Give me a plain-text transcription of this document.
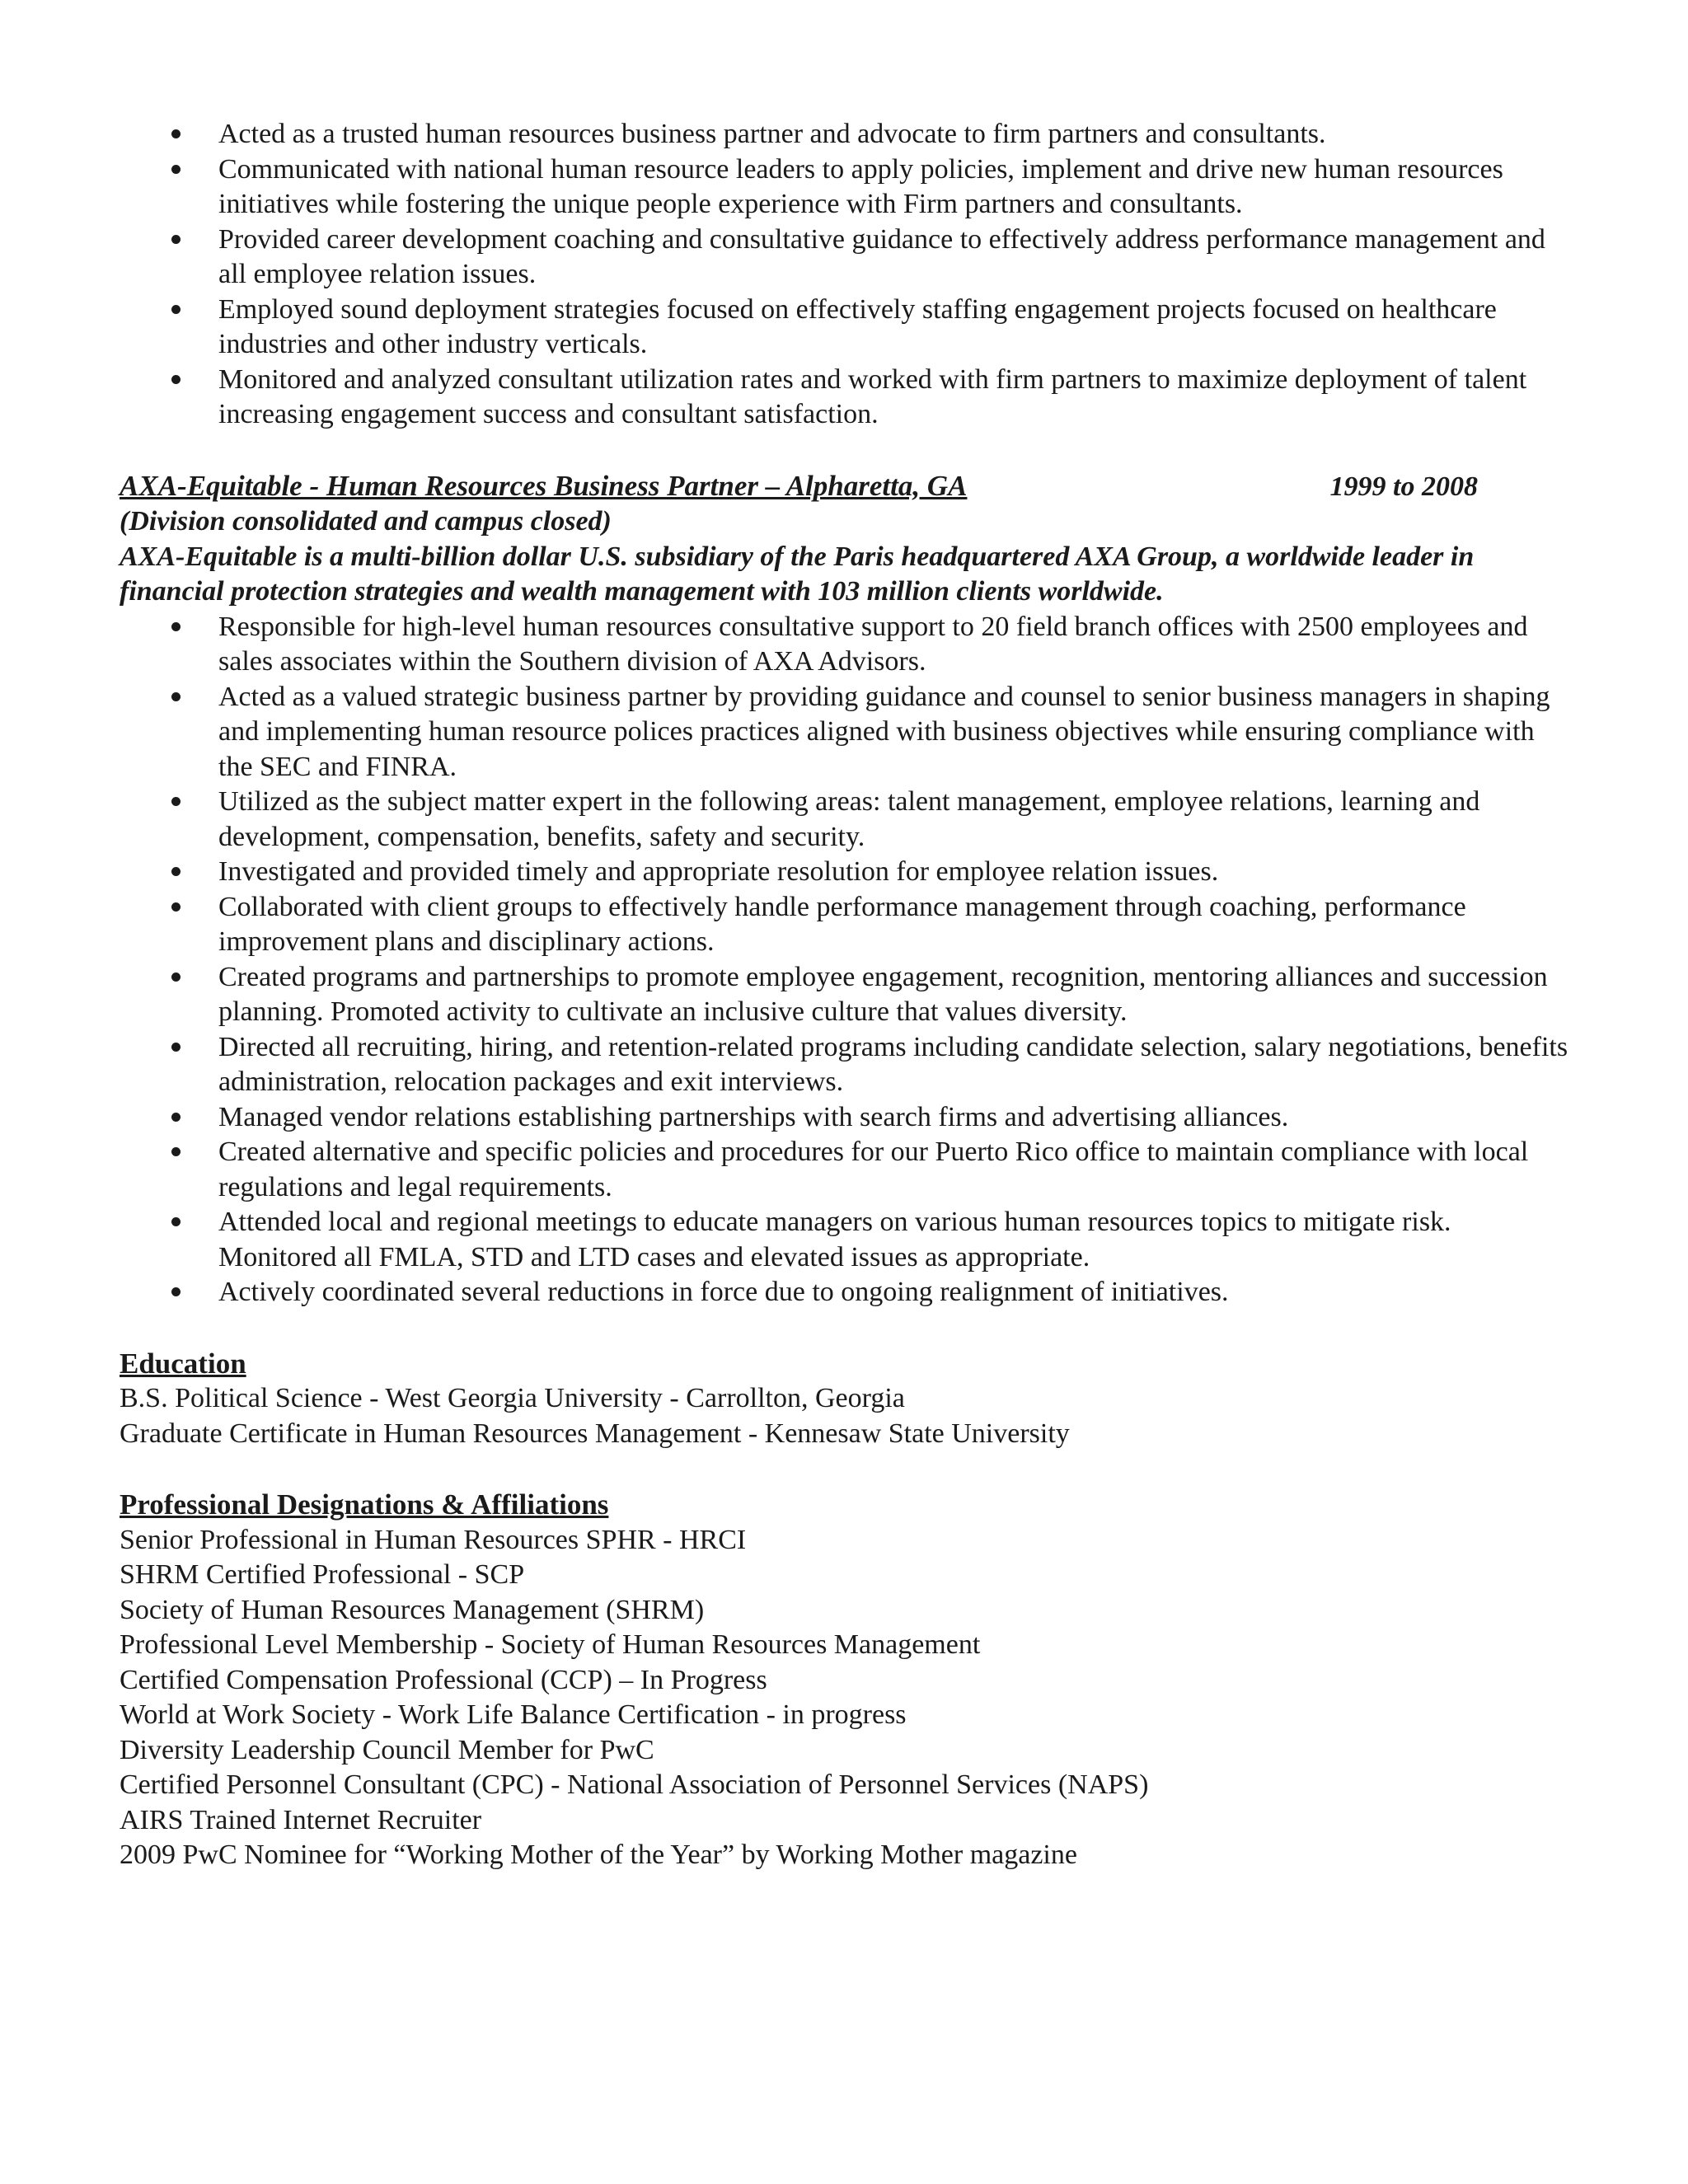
Acted as a trusted human resources business partner and advocate to firm partners and consultants.
Communicated with national human resource leaders to apply policies, implement and drive new human resources initiatives while fostering the unique people experience with Firm partners and consultants.
Provided career development coaching and consultative guidance to effectively address performance management and all employee relation issues.
Employed sound deployment strategies focused on effectively staffing engagement projects focused on healthcare industries and other industry verticals.
Monitored and analyzed consultant utilization rates and worked with firm partners to maximize deployment of talent increasing engagement success and consultant satisfaction.
AXA-Equitable - Human Resources Business Partner – Alpharetta, GA	1999 to 2008
(Division consolidated and campus closed)
AXA-Equitable is a multi-billion dollar U.S. subsidiary of the Paris headquartered AXA Group, a worldwide leader in financial protection strategies and wealth management with 103 million clients worldwide.
Responsible for high-level human resources consultative support to 20 field branch offices with 2500 employees and sales associates within the Southern division of AXA Advisors.
Acted as a valued strategic business partner by providing guidance and counsel to senior business managers in shaping and implementing human resource polices practices aligned with business objectives while ensuring compliance with the SEC and FINRA.
Utilized as the subject matter expert in the following areas: talent management, employee relations, learning and development, compensation, benefits, safety and security.
Investigated and provided timely and appropriate resolution for employee relation issues.
Collaborated with client groups to effectively handle performance management through coaching, performance improvement plans and disciplinary actions.
Created programs and partnerships to promote employee engagement, recognition, mentoring alliances and succession planning. Promoted activity to cultivate an inclusive culture that values diversity.
Directed all recruiting, hiring, and retention-related programs including candidate selection, salary negotiations, benefits administration, relocation packages and exit interviews.
Managed vendor relations establishing partnerships with search firms and advertising alliances.
Created alternative and specific policies and procedures for our Puerto Rico office to maintain compliance with local regulations and legal requirements.
Attended local and regional meetings to educate managers on various human resources topics to mitigate risk. Monitored all FMLA, STD and LTD cases and elevated issues as appropriate.
Actively coordinated several reductions in force due to ongoing realignment of initiatives.
Education
B.S. Political Science - West Georgia University - Carrollton, Georgia
Graduate Certificate in Human Resources Management - Kennesaw State University
Professional Designations & Affiliations
Senior Professional in Human Resources SPHR - HRCI
SHRM Certified Professional - SCP
Society of Human Resources Management (SHRM)
Professional Level Membership - Society of Human Resources Management
Certified Compensation Professional (CCP) – In Progress
World at Work Society - Work Life Balance Certification - in progress
Diversity Leadership Council Member for PwC
Certified Personnel Consultant (CPC) - National Association of Personnel Services (NAPS)
AIRS Trained Internet Recruiter
2009 PwC Nominee for “Working Mother of the Year” by Working Mother magazine
